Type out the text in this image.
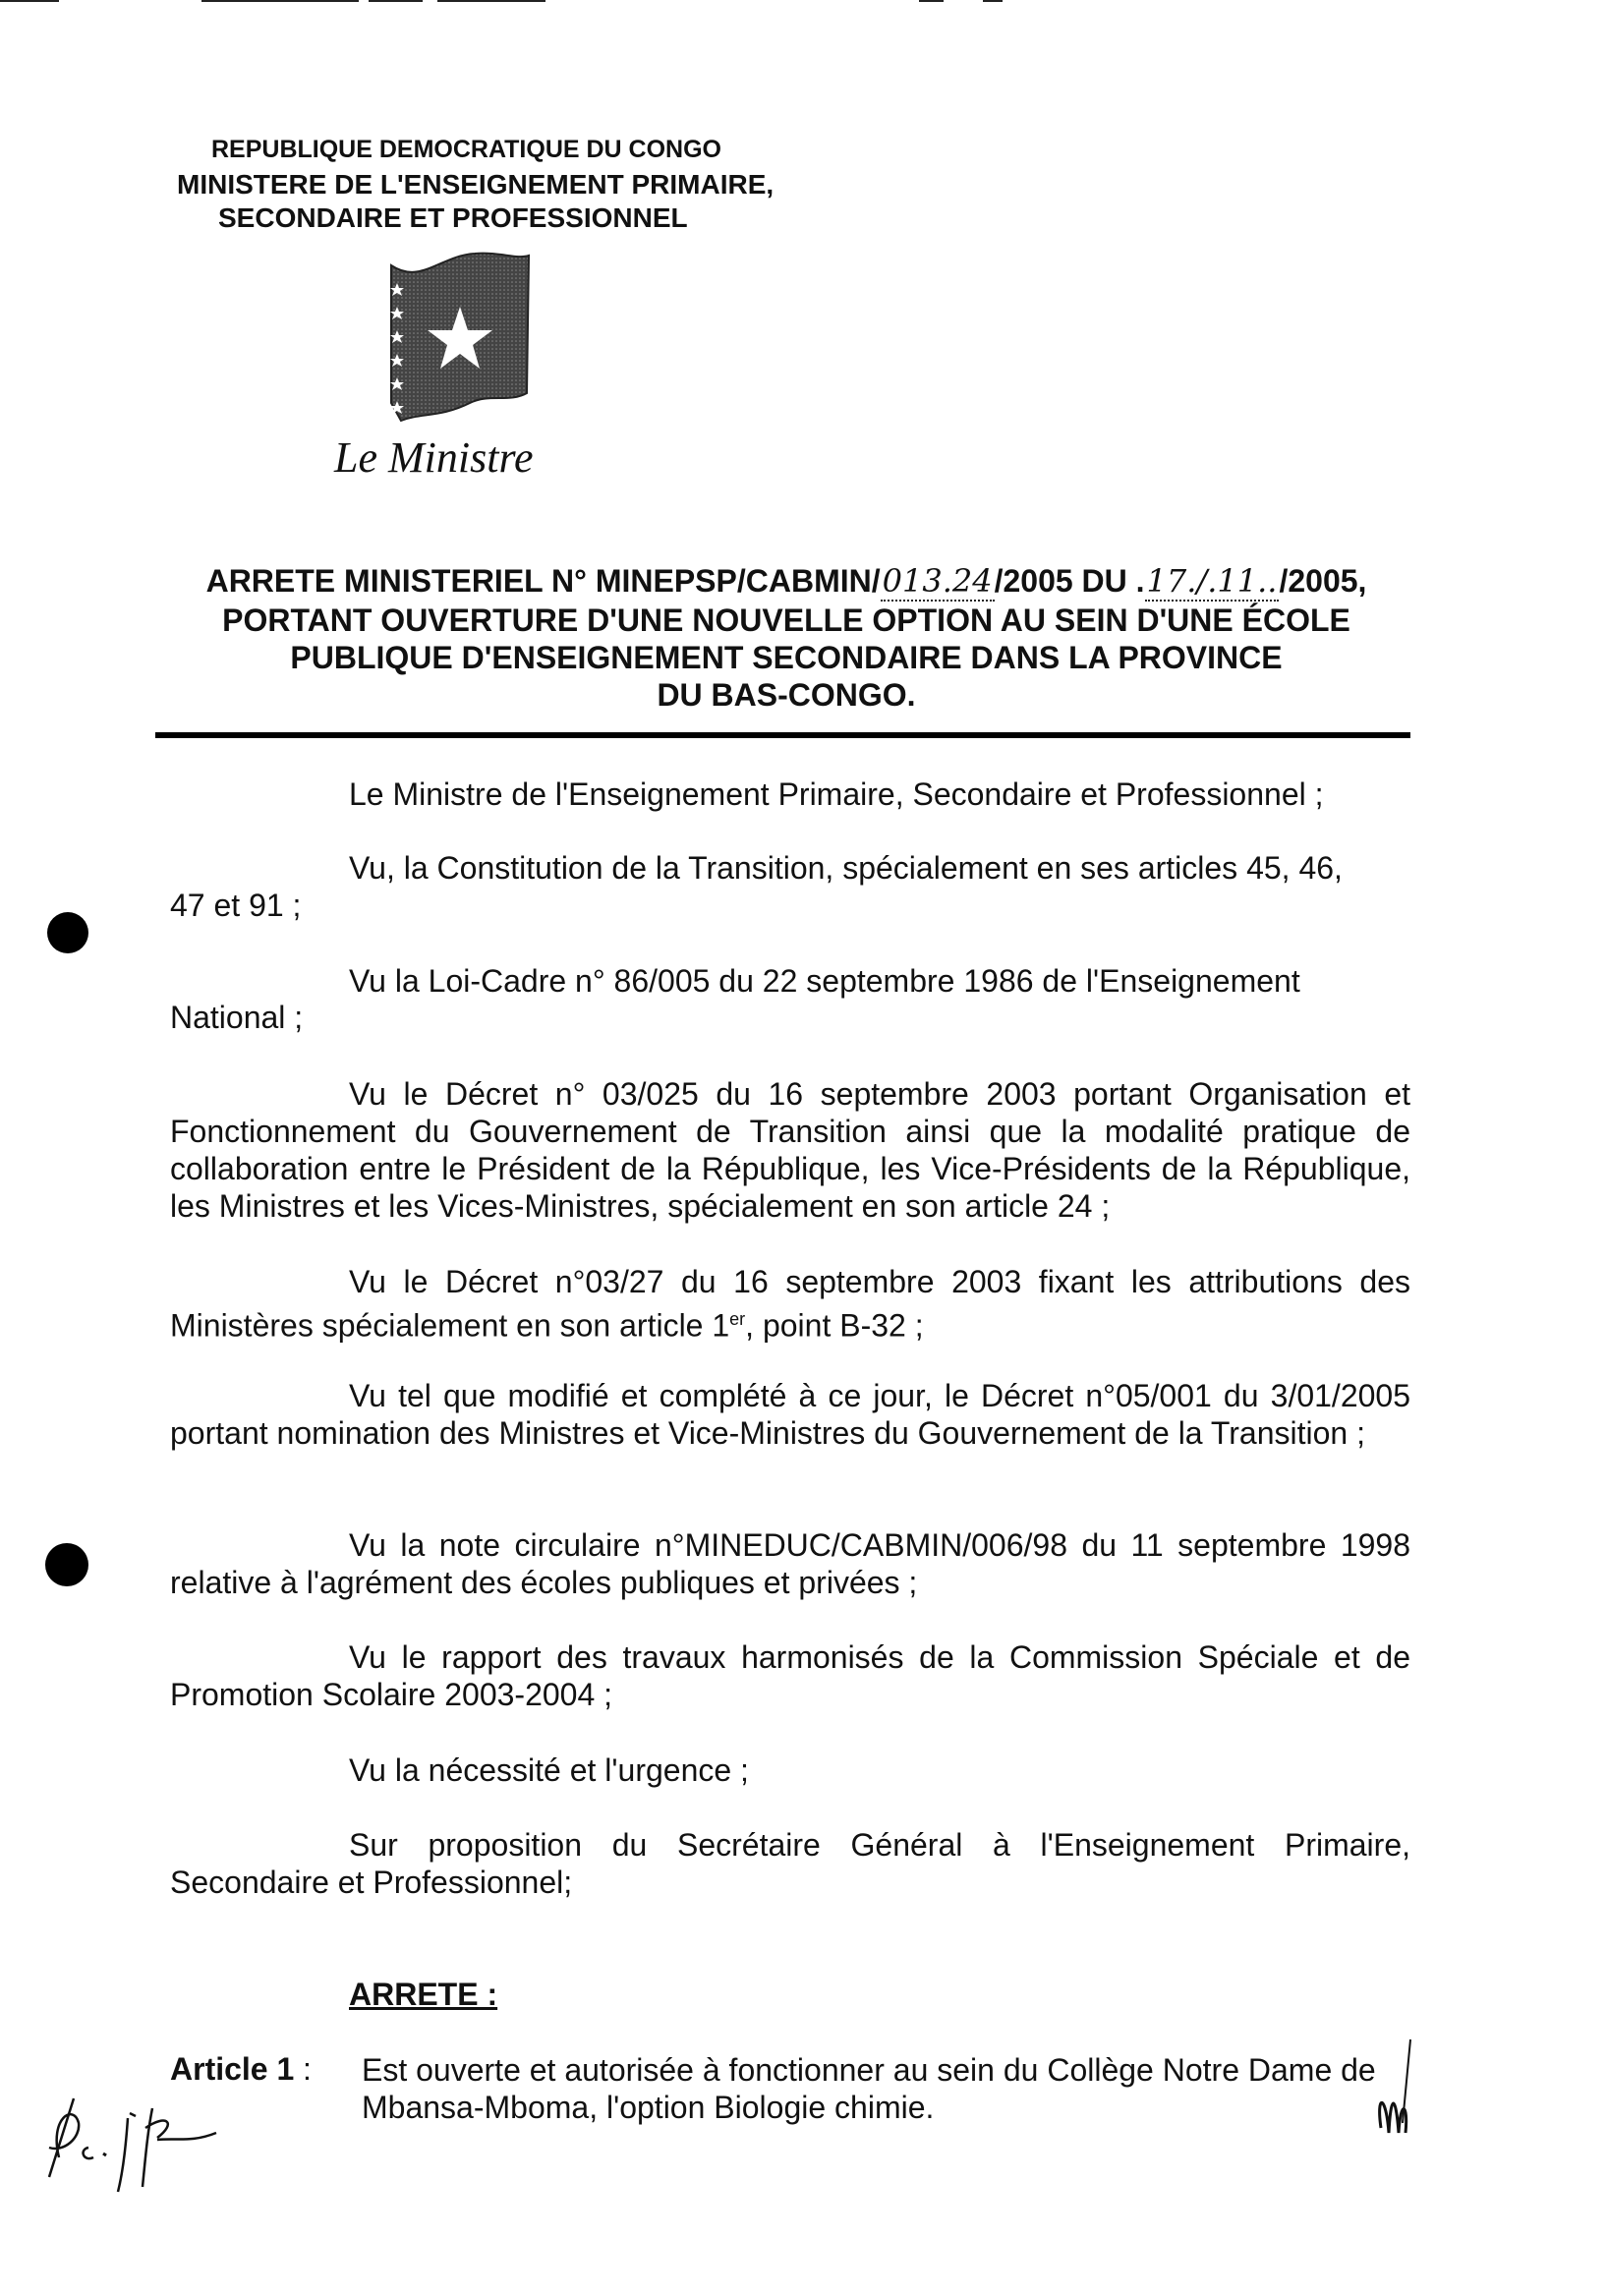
REPUBLIQUE DEMOCRATIQUE DU CONGO
MINISTERE DE L'ENSEIGNEMENT PRIMAIRE,
SECONDAIRE ET PROFESSIONNEL
Le Ministre
ARRETE MINISTERIEL N° MINEPSP/CABMIN/013.24/2005 DU .17./.11../2005,
PORTANT OUVERTURE D'UNE NOUVELLE OPTION AU SEIN D'UNE ÉCOLE
PUBLIQUE D'ENSEIGNEMENT SECONDAIRE DANS LA PROVINCE
DU BAS-CONGO.
Le Ministre de l'Enseignement Primaire, Secondaire et Professionnel ;
Vu, la Constitution de la Transition, spécialement en ses articles 45, 46,
47 et 91 ;
Vu la Loi-Cadre n° 86/005 du 22 septembre 1986 de l'Enseignement
National ;
Vu le Décret n° 03/025 du 16 septembre 2003 portant Organisation et Fonctionnement du Gouvernement de Transition ainsi que la modalité pratique de collaboration entre le Président de la République, les Vice-Présidents de la République, les Ministres et les Vices-Ministres, spécialement en son article 24 ;
Vu le Décret n°03/27 du 16 septembre 2003 fixant les attributions des Ministères spécialement en son article 1er, point B-32 ;
Vu tel que modifié et complété à ce jour, le Décret n°05/001 du 3/01/2005 portant nomination des Ministres et Vice-Ministres du Gouvernement de la Transition ;
Vu la note circulaire n°MINEDUC/CABMIN/006/98 du 11 septembre 1998 relative à l'agrément des écoles publiques et privées ;
Vu le rapport des travaux harmonisés de la Commission Spéciale et de Promotion Scolaire 2003-2004 ;
Vu la nécessité et l'urgence ;
Sur proposition du Secrétaire Général à l'Enseignement Primaire, Secondaire et Professionnel;
ARRETE :
Article 1 : Est ouverte et autorisée à fonctionner au sein du Collège Notre Dame de Mbansa-Mboma, l'option Biologie chimie.
